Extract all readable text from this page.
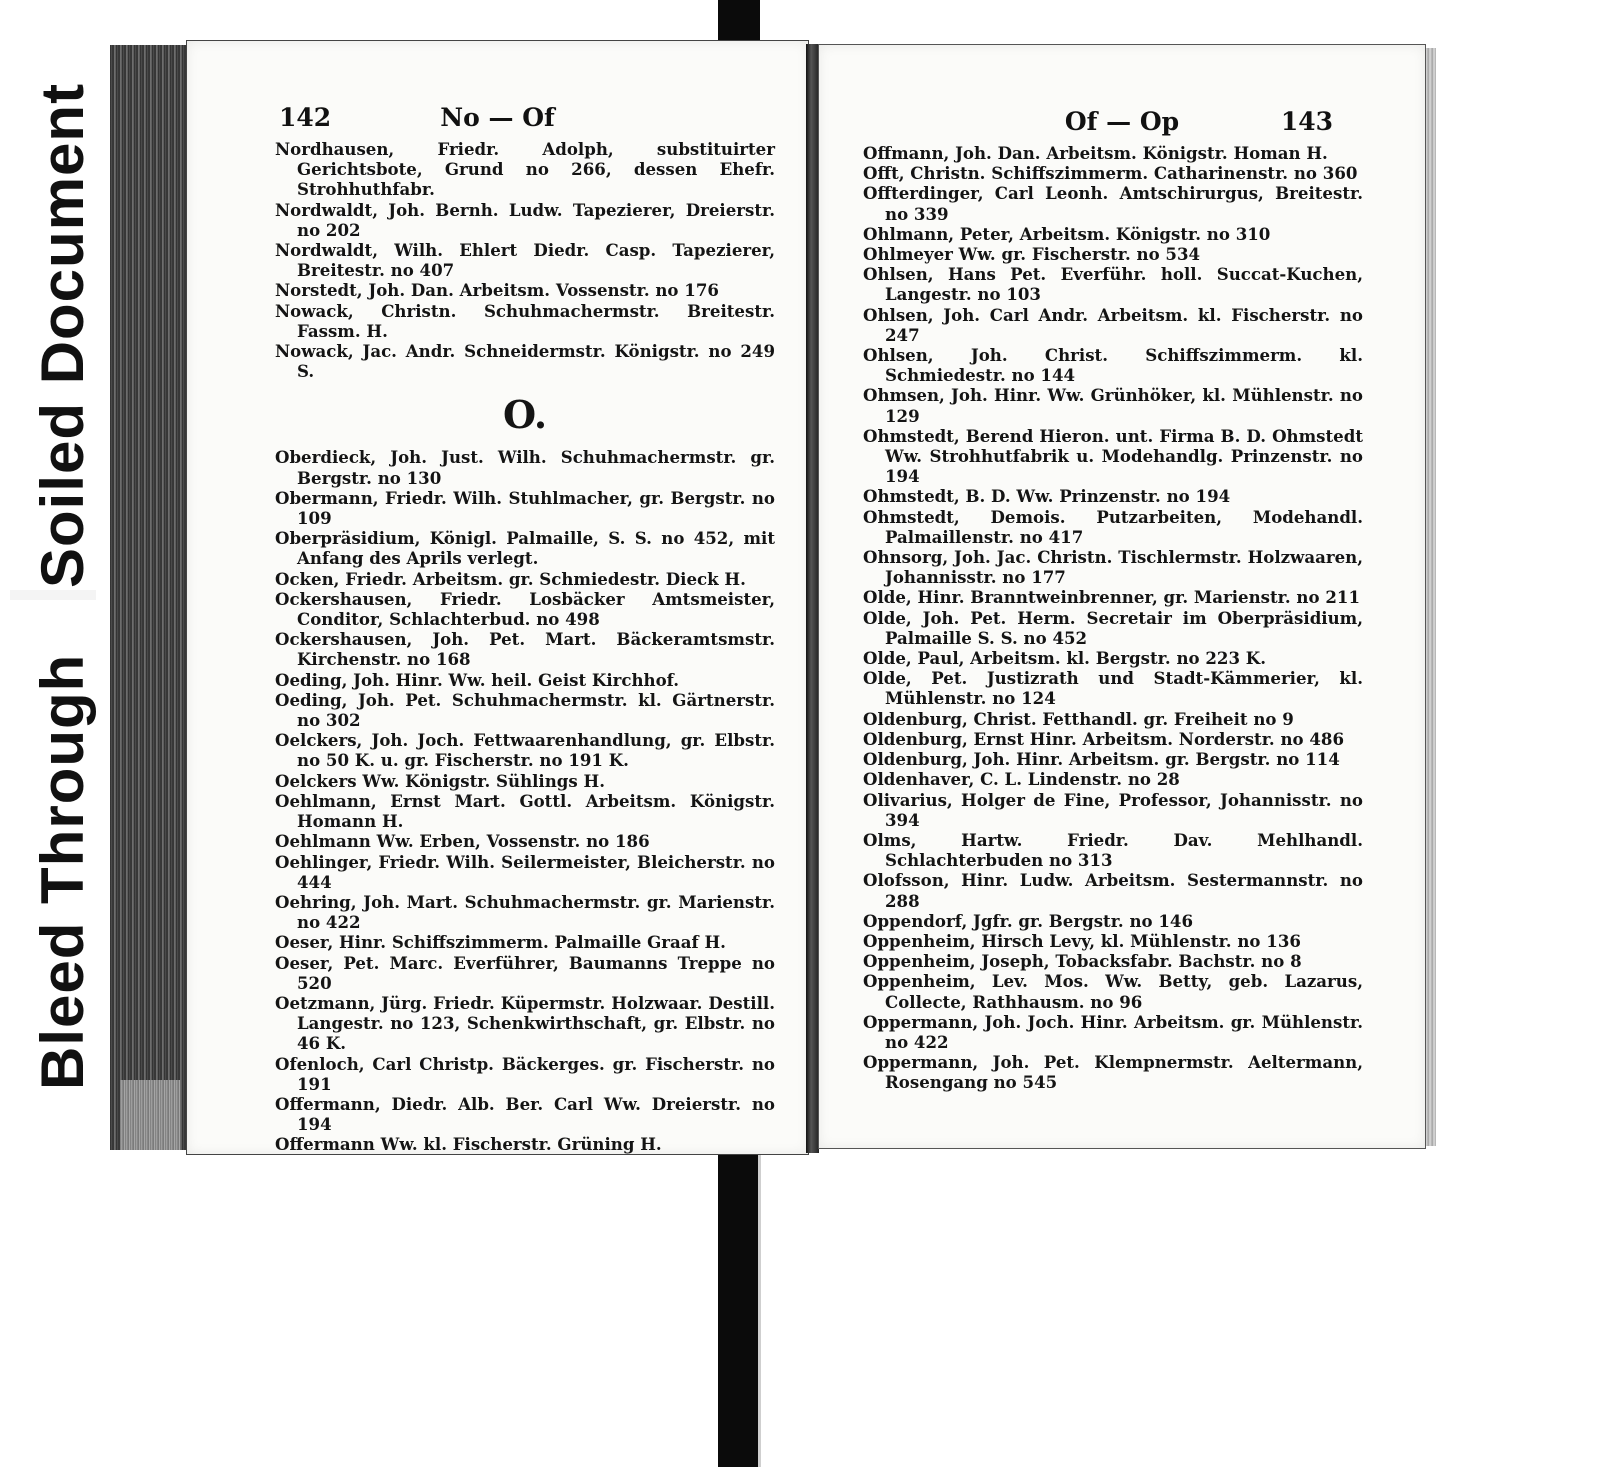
Soiled Document
Bleed Through
142	No — Of

Nordhausen, Friedr. Adolph, substituirter Gerichtsbote, Grund no 266, dessen Ehefr. Strohhuthfabr.

Nordwaldt, Joh. Bernh. Ludw. Tapezierer, Dreierstr. no 202

Nordwaldt, Wilh. Ehlert Diedr. Casp. Tapezierer, Breitestr. no 407

Norstedt, Joh. Dan. Arbeitsm. Vossenstr. no 176

Nowack, Christn. Schuhmachermstr. Breitestr. Fassm. H.

Nowack, Jac. Andr. Schneidermstr. Königstr. no 249 S.

O.

Oberdieck, Joh. Just. Wilh. Schuhmachermstr. gr. Bergstr. no 130

Obermann, Friedr. Wilh. Stuhlmacher, gr. Bergstr. no 109

Oberpräsidium, Königl. Palmaille, S. S. no 452, mit Anfang des Aprils verlegt.

Ocken, Friedr. Arbeitsm. gr. Schmiedestr. Dieck H.

Ockershausen, Friedr. Losbäcker Amtsmeister, Conditor, Schlachterbud. no 498

Ockershausen, Joh. Pet. Mart. Bäckeramtsmstr. Kirchenstr. no 168

Oeding, Joh. Hinr. Ww. heil. Geist Kirchhof.

Oeding, Joh. Pet. Schuhmachermstr. kl. Gärtnerstr. no 302

Oelckers, Joh. Joch. Fettwaarenhandlung, gr. Elbstr. no 50 K. u. gr. Fischerstr. no 191 K.

Oelckers Ww. Königstr. Sühlings H.

Oehlmann, Ernst Mart. Gottl. Arbeitsm. Königstr. Homann H.

Oehlmann Ww. Erben, Vossenstr. no 186

Oehlinger, Friedr. Wilh. Seilermeister, Bleicherstr. no 444

Oehring, Joh. Mart. Schuhmachermstr. gr. Marienstr. no 422

Oeser, Hinr. Schiffszimmerm. Palmaille Graaf H.

Oeser, Pet. Marc. Everführer, Baumanns Treppe no 520

Oetzmann, Jürg. Friedr. Küpermstr. Holzwaar. Destill. Langestr. no 123, Schenkwirthschaft, gr. Elbstr. no 46 K.

Ofenloch, Carl Christp. Bäckerges. gr. Fischerstr. no 191

Offermann, Diedr. Alb. Ber. Carl Ww. Dreierstr. no 194

Offermann Ww. kl. Fischerstr. Grüning H.

Of — Op	143

Offmann, Joh. Dan. Arbeitsm. Königstr. Homan H.

Offt, Christn. Schiffszimmerm. Catharinenstr. no 360

Offterdinger, Carl Leonh. Amtschirurgus, Breitestr. no 339

Ohlmann, Peter, Arbeitsm. Königstr. no 310

Ohlmeyer Ww. gr. Fischerstr. no 534

Ohlsen, Hans Pet. Everführ. holl. Succat-Kuchen, Langestr. no 103

Ohlsen, Joh. Carl Andr. Arbeitsm. kl. Fischerstr. no 247

Ohlsen, Joh. Christ. Schiffszimmerm. kl. Schmiedestr. no 144

Ohmsen, Joh. Hinr. Ww. Grünhöker, kl. Mühlenstr. no 129

Ohmstedt, Berend Hieron. unt. Firma B. D. Ohmstedt Ww. Strohhutfabrik u. Modehandlg. Prinzenstr. no 194

Ohmstedt, B. D. Ww. Prinzenstr. no 194

Ohmstedt, Demois. Putzarbeiten, Modehandl. Palmaillenstr. no 417

Ohnsorg, Joh. Jac. Christn. Tischlermstr. Holzwaaren, Johannisstr. no 177

Olde, Hinr. Branntweinbrenner, gr. Marienstr. no 211

Olde, Joh. Pet. Herm. Secretair im Oberpräsidium, Palmaille S. S. no 452

Olde, Paul, Arbeitsm. kl. Bergstr. no 223 K.

Olde, Pet. Justizrath und Stadt-Kämmerier, kl. Mühlenstr. no 124

Oldenburg, Christ. Fetthandl. gr. Freiheit no 9

Oldenburg, Ernst Hinr. Arbeitsm. Norderstr. no 486

Oldenburg, Joh. Hinr. Arbeitsm. gr. Bergstr. no 114

Oldenhaver, C. L. Lindenstr. no 28

Olivarius, Holger de Fine, Professor, Johannisstr. no 394

Olms, Hartw. Friedr. Dav. Mehlhandl. Schlachterbuden no 313

Olofsson, Hinr. Ludw. Arbeitsm. Sestermannstr. no 288

Oppendorf, Jgfr. gr. Bergstr. no 146

Oppenheim, Hirsch Levy, kl. Mühlenstr. no 136

Oppenheim, Joseph, Tobacksfabr. Bachstr. no 8

Oppenheim, Lev. Mos. Ww. Betty, geb. Lazarus, Collecte, Rathhausm. no 96

Oppermann, Joh. Joch. Hinr. Arbeitsm. gr. Mühlenstr. no 422

Oppermann, Joh. Pet. Klempnermstr. Aeltermann, Rosengang no 545
